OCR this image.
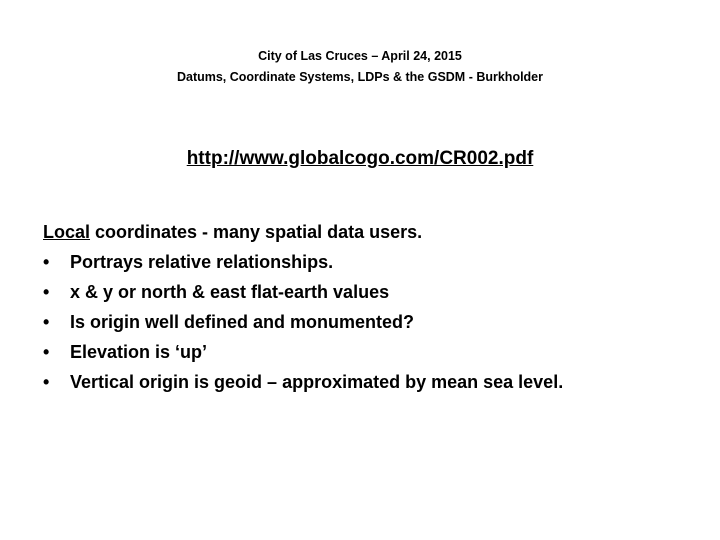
City of Las Cruces – April 24, 2015
Datums, Coordinate Systems, LDPs & the GSDM - Burkholder
http://www.globalcogo.com/CR002.pdf
Local coordinates - many spatial data users.
• Portrays relative relationships.
• x & y or north & east flat-earth values
• Is origin well defined and monumented?
• Elevation is ‘up’
• Vertical origin is geoid – approximated by mean sea level.
